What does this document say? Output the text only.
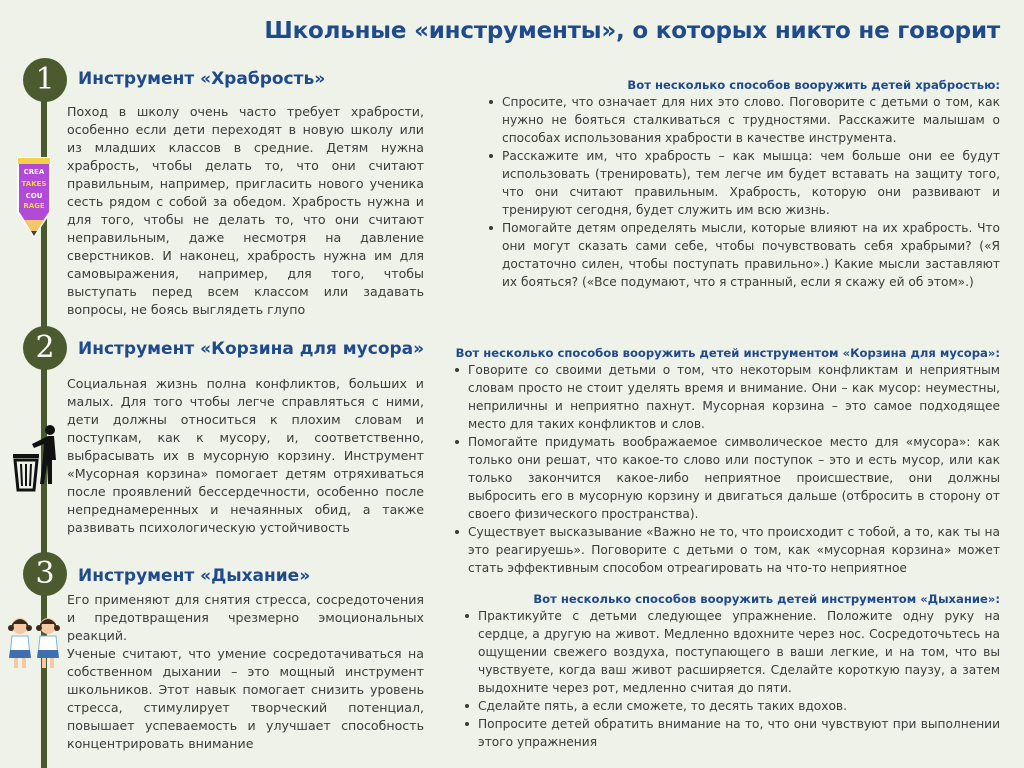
Школьные «инструменты», о которых никто не говорит
1	Инструмент «Храбрость»
CREA
TAKES
COU
RAGE

Поход в школу очень часто требует храбрости, особенно если дети переходят в новую школу или из младших классов в средние. Детям нужна храбрость, чтобы делать то, что они считают правильным, например, пригласить нового ученика сесть рядом с собой за обедом. Храбрость нужна и для того, чтобы не делать то, что они считают неправильным, даже несмотря на давление сверстников. И наконец, храбрость нужна им для самовыражения, например, для того, чтобы выступать перед всем классом или задавать вопросы, не боясь выглядеть глупо

Вот несколько способов вооружить детей храбростью:
Спросите, что означает для них это слово. Поговорите с детьми о том, как нужно не бояться сталкиваться с трудностями. Расскажите малышам о способах использования храбрости в качестве инструмента.
Расскажите им, что храбрость – как мышца: чем больше они ее будут использовать (тренировать), тем легче им будет вставать на защиту того, что они считают правильным. Храбрость, которую они развивают и тренируют сегодня, будет служить им всю жизнь.
Помогайте детям определять мысли, которые влияют на их храбрость. Что они могут сказать сами себе, чтобы почувствовать себя храбрыми? («Я достаточно силен, чтобы поступать правильно».) Какие мысли заставляют их бояться? («Все подумают, что я странный, если я скажу ей об этом».)
2	Инструмент «Корзина для мусора»

Социальная жизнь полна конфликтов, больших и малых. Для того чтобы легче справляться с ними, дети должны относиться к плохим словам и поступкам, как к мусору, и, соответственно, выбрасывать их в мусорную корзину. Инструмент «Мусорная корзина» помогает детям отряхиваться после проявлений бессердечности, особенно после непреднамеренных и нечаянных обид, а также развивать психологическую устойчивость

Вот несколько способов вооружить детей инструментом «Корзина для мусора»:
Говорите со своими детьми о том, что некоторым конфликтам и неприятным словам просто не стоит уделять время и внимание. Они – как мусор: неуместны, неприличны и неприятно пахнут. Мусорная корзина – это самое подходящее место для таких конфликтов и слов.
Помогайте придумать воображаемое символическое место для «мусора»: как только они решат, что какое-то слово или поступок – это и есть мусор, или как только закончится какое-либо неприятное происшествие, они должны выбросить его в мусорную корзину и двигаться дальше (отбросить в сторону от своего физического пространства).
Существует высказывание «Важно не то, что происходит с тобой, а то, как ты на это реагируешь». Поговорите с детьми о том, как «мусорная корзина» может стать эффективным способом отреагировать на что-то неприятное
3	Инструмент «Дыхание»

Его применяют для снятия стресса, сосредоточения и предотвращения чрезмерно эмоциональных реакций.

Ученые считают, что умение сосредотачиваться на собственном дыхании – это мощный инструмент школьников. Этот навык помогает снизить уровень стресса, стимулирует творческий потенциал, повышает успеваемость и улучшает способность концентрировать внимание

Вот несколько способов вооружить детей инструментом «Дыхание»:
Практикуйте с детьми следующее упражнение. Положите одну руку на сердце, а другую на живот. Медленно вдохните через нос. Сосредоточьтесь на ощущении свежего воздуха, поступающего в ваши легкие, и на том, что вы чувствуете, когда ваш живот расширяется. Сделайте короткую паузу, а затем выдохните через рот, медленно считая до пяти.
Сделайте пять, а если сможете, то десять таких вдохов.
Попросите детей обратить внимание на то, что они чувствуют при выполнении этого упражнения
